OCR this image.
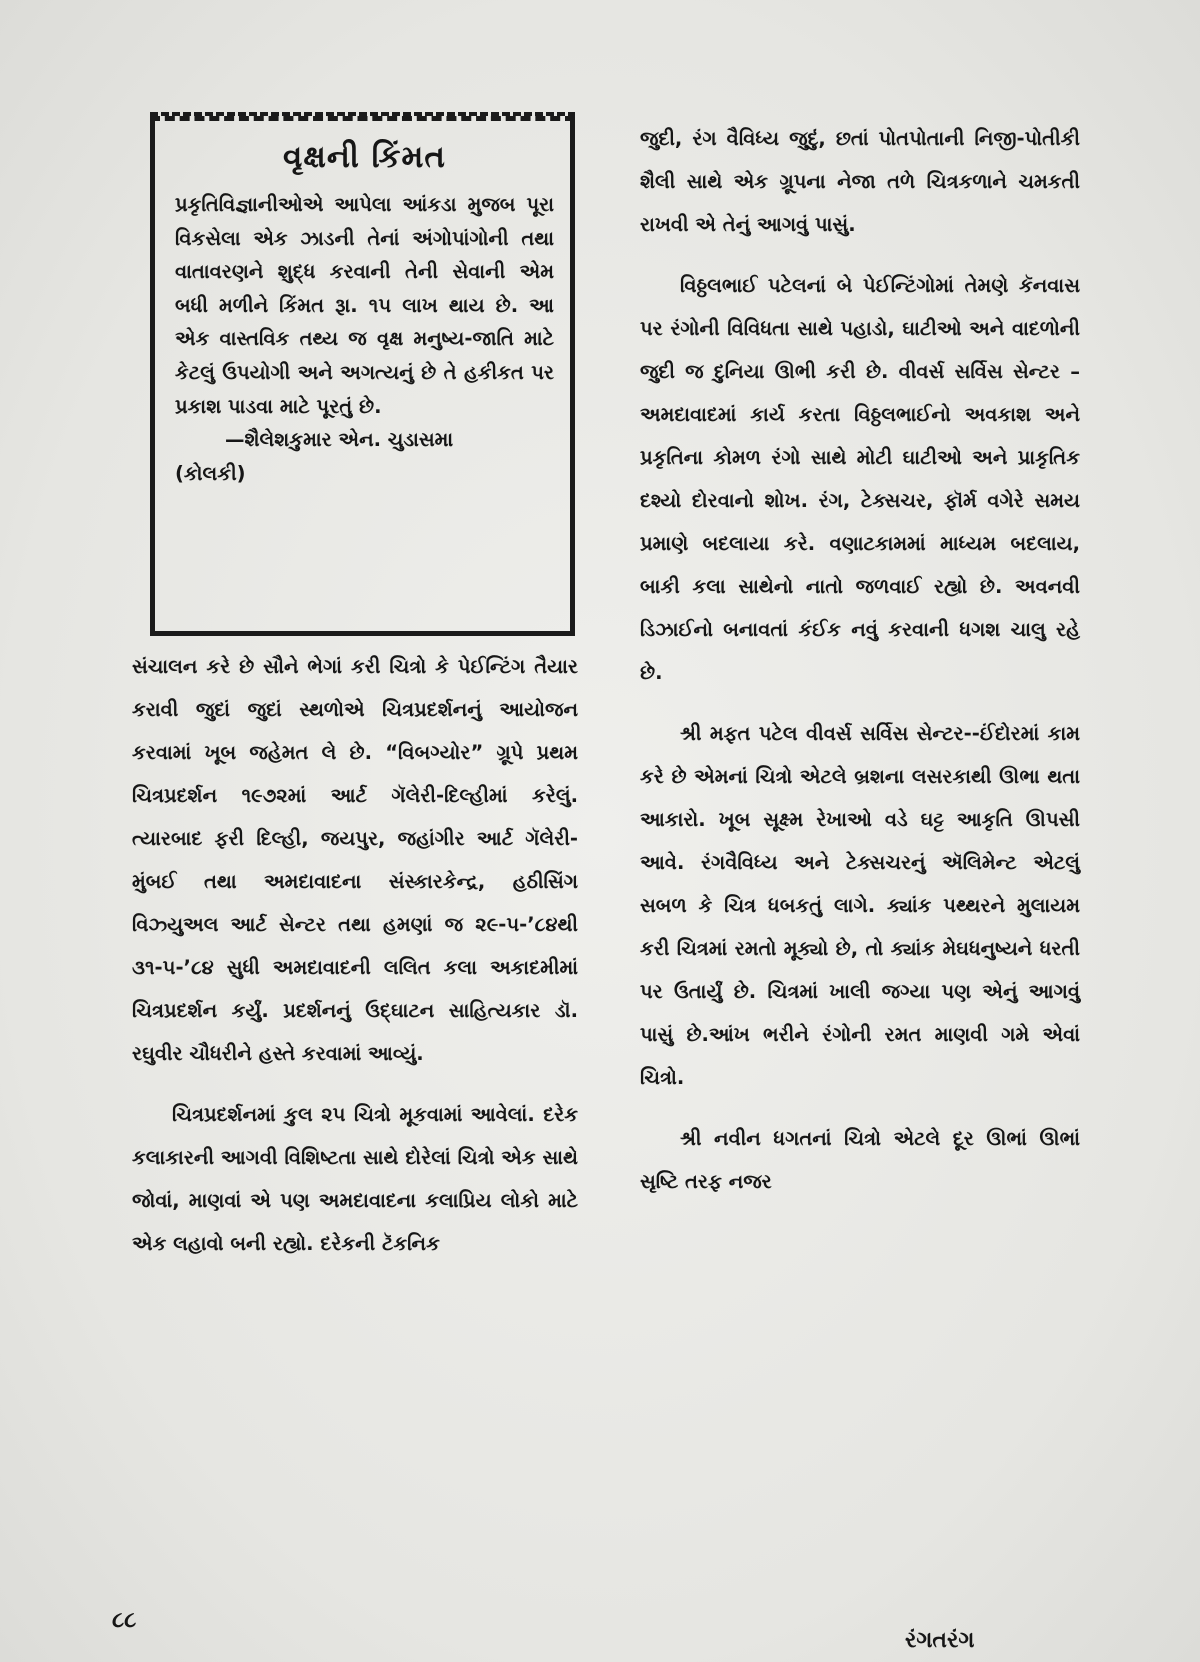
વૃક્ષની કિંમત

પ્રકૃતિવિજ્ઞાનીઓએ આપેલા આંકડા મુજબ પૂરા વિકસેલા એક ઝાડની તેનાં અંગોપાંગોની તથા વાતાવરણને શુદ્ધ કરવાની તેની સેવાની એમ બધી મળીને કિંમત રૂા. ૧૫ લાખ થાય છે. આ એક વાસ્તવિક તથ્ય જ વૃક્ષ મનુષ્ય-જાતિ માટે કેટલું ઉપયોગી અને અગત્યનું છે તે હકીકત પર પ્રકાશ પાડવા માટે પૂરતું છે.

—શૈલેશકુમાર એન. ચુડાસમા

(કોલકી)

સંચાલન કરે છે સૌને ભેગાં કરી ચિત્રો કે પેઈન્ટિંગ તૈયાર કરાવી જુદાં જુદાં સ્થળોએ ચિત્રપ્રદર્શનનું આયોજન કરવામાં ખૂબ જહેમત લે છે. “વિબગ્યોર” ગ્રૂપે પ્રથમ ચિત્રપ્રદર્શન ૧૯૭૨માં આર્ટ ગૅલેરી-દિલ્હીમાં કરેલું. ત્યારબાદ ફરી દિલ્હી, જયપુર, જહાંગીર આર્ટ ગૅલેરી-મુંબઈ તથા અમદાવાદના સંસ્કારકેન્દ્ર, હઠીસિંગ વિઝ્યુઅલ આર્ટ સેન્ટર તથા હમણાં જ ૨૯-૫-’૮૪થી ૩૧-૫-’૮૪ સુધી અમદાવાદની લલિત કલા અકાદમીમાં ચિત્રપ્રદર્શન કર્યું. પ્રદર્શનનું ઉદ્ઘાટન સાહિત્યકાર ડૉ. રઘુવીર ચૌધરીને હસ્તે કરવામાં આવ્યું.

ચિત્રપ્રદર્શનમાં કુલ ૨૫ ચિત્રો મૂકવામાં આવેલાં. દરેક કલાકારની આગવી વિશિષ્ટતા સાથે દોરેલાં ચિત્રો એક સાથે જોવાં, માણવાં એ પણ અમદાવાદના કલાપ્રિય લોકો માટે એક લહાવો બની રહ્યો. દરેકની ટૅકનિક

જુદી, રંગ વૈવિધ્ય જુદું, છતાં પોતપોતાની નિજી-પોતીકી શૈલી સાથે એક ગ્રૂપના નેજા તળે ચિત્રકળાને ચમકતી રાખવી એ તેનું આગવું પાસું.

વિઠ્ઠલભાઈ પટેલનાં બે પેઈન્ટિંગોમાં તેમણે કૅનવાસ પર રંગોની વિવિધતા સાથે પહાડો, ઘાટીઓ અને વાદળોની જુદી જ દુનિયા ઊભી કરી છે. વીવર્સ સર્વિસ સેન્ટર – અમદાવાદમાં કાર્ય કરતા વિઠ્ઠલભાઈનો અવકાશ અને પ્રકૃતિના કોમળ રંગો સાથે મોટી ઘાટીઓ અને પ્રાકૃતિક દશ્યો દોરવાનો શોખ. રંગ, ટેક્સચર, ફૉર્મ વગેરે સમય પ્રમાણે બદલાયા કરે. વણાટકામમાં માધ્યમ બદલાય, બાકી કલા સાથેનો નાતો જળવાઈ રહ્યો છે. અવનવી ડિઝાઈનો બનાવતાં કંઈક નવું કરવાની ધગશ ચાલુ રહે છે.

શ્રી મફત પટેલ વીવર્સ સર્વિસ સેન્ટર--ઈંદોરમાં કામ કરે છે એમનાં ચિત્રો એટલે બ્રશના લસરકાથી ઊભા થતા આકારો. ખૂબ સૂક્ષ્મ રેખાઓ વડે ઘટ્ટ આકૃતિ ઊપસી આવે. રંગવૈવિધ્ય અને ટેક્સચરનું ઍલિમેન્ટ એટલું સબળ કે ચિત્ર ધબકતું લાગે. ક્યાંક પથ્થરને મુલાયમ કરી ચિત્રમાં રમતો મૂક્યો છે, તો ક્યાંક મેઘધનુષ્યને ધરતી પર ઉતાર્યું છે. ચિત્રમાં ખાલી જગ્યા પણ એનું આગવું પાસું છે.આંખ ભરીને રંગોની રમત માણવી ગમે એવાં ચિત્રો.

શ્રી નવીન ધગતનાં ચિત્રો એટલે દૂર ઊભાં ઊભાં સૃષ્ટિ તરફ નજર

૮૮
રંગતરંગ
